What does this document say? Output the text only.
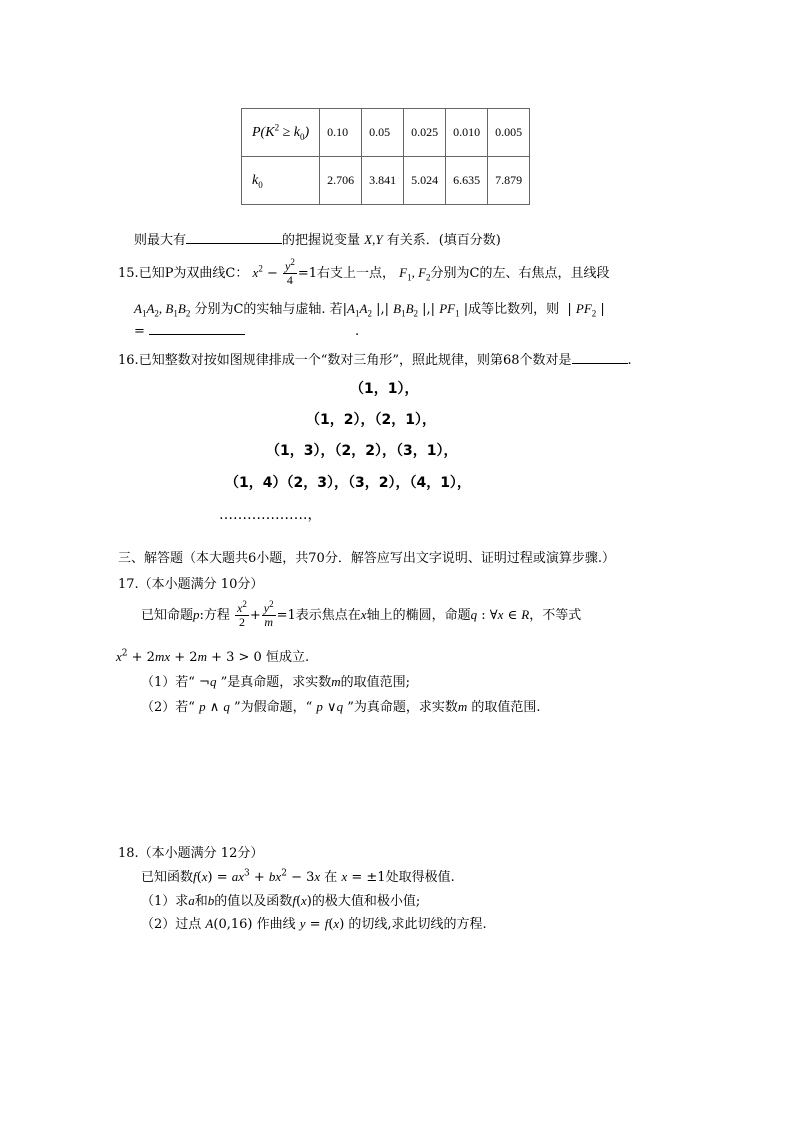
$P(K^2 \ge k_0)$	0.10	0.05	0.025	0.010	0.005
$k_0$	2.706	3.841	5.024	6.635	7.879
则最大有	的把握说变量 X,Y 有关系．(填百分数)
15.已知P为双曲线C： $x^2 - \frac{y^2}{4} =1$右支上一点， $F_1$, $F_2$分别为C的左、右焦点，且线段
$A_1A_2$, $B_1B_2$ 分别为C的实轴与虚轴. 若$|A_1A_2$ |,| $B_1B_2$ |,| $PF_1$ |成等比数列，则  | $PF_2$ |
=	.
16.已知整数对按如图规律排成一个“数对三角形”，照此规律，则第68个数对是	.
（1，1），
（1，2），（2，1），
（1，3），（2，2），（3，1），
（1，4）（2，3），（3，2），（4，1），
……………….，
三、解答题（本大题共6小题，共70分．解答应写出文字说明、证明过程或演算步骤.）
17.（本小题满分 10分）
已知命题p:方程 $\frac{x^2}{2} + \frac{y^2}{m} =1$表示焦点在x轴上的椭圆，命题q : ∀x ∈ R，不等式
$x^2 + 2mx + 2m + 3 > 0$ 恒成立.
（1）若“ ¬q ”是真命题，求实数m的取值范围;
（2）若“ p ∧ q ”为假命题，“ p ∨q ”为真命题，求实数m 的取值范围.
18.（本小题满分 12分）
已知函数$f(x) = ax^3 + bx^2 - 3x$ 在 x = ±1处取得极值.
（1）求a和b的值以及函数f(x)的极大值和极小值;
（2）过点 A(0,16) 作曲线 y = f(x) 的切线,求此切线的方程.
